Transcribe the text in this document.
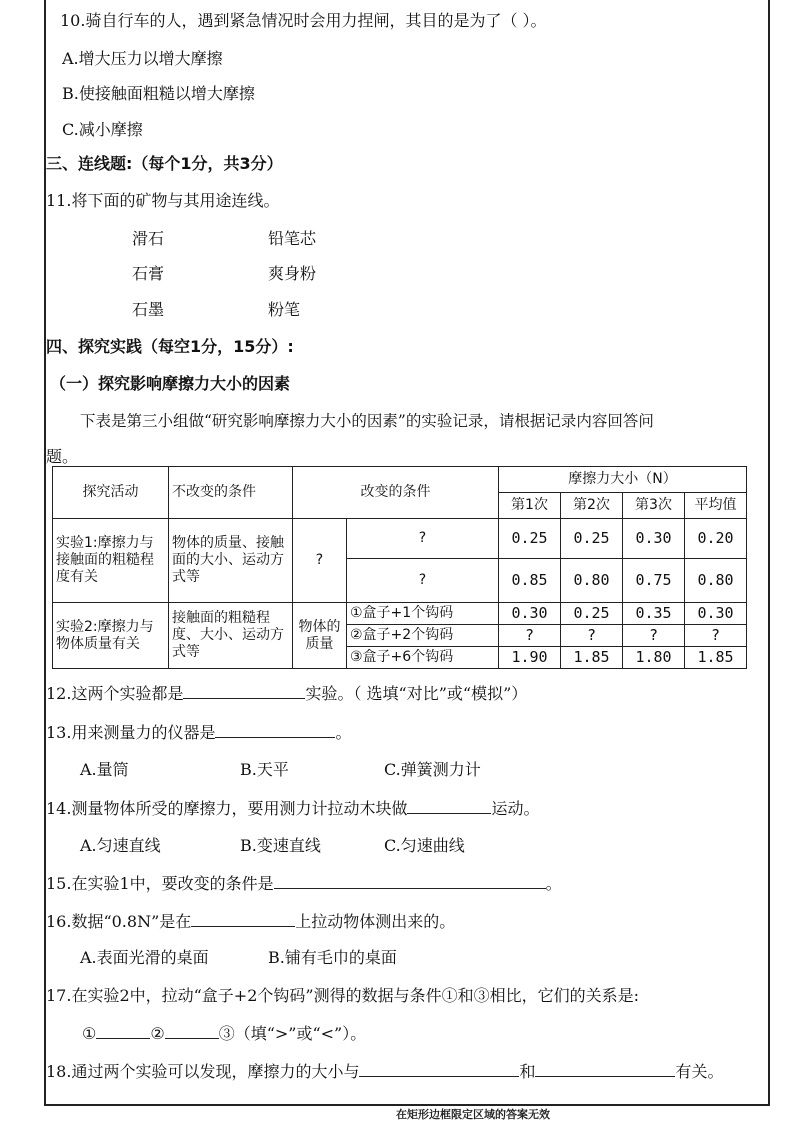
10.骑自行车的人，遇到紧急情况时会用力捏闸，其目的是为了（ ）。
A.增大压力以增大摩擦
B.使接触面粗糙以增大摩擦
C.减小摩擦
三、连线题:（每个1分，共3分）
11.将下面的矿物与其用途连线。
滑石	铅笔芯
石膏	爽身粉
石墨	粉笔
四、探究实践（每空1分，15分）:
（一）探究影响摩擦力大小的因素
下表是第三小组做“研究影响摩擦力大小的因素”的实验记录，请根据记录内容回答问
题。
探究活动	不改变的条件	改变的条件		摩擦力大小（N）			
				第1次	第2次	第3次	平均值
实验1:摩擦力与接触面的粗糙程度有关	物体的质量、接触面的大小、运动方式等	?	?	0.25	0.25	0.30	0.20
			?	0.85	0.80	0.75	0.80
实验2:摩擦力与物体质量有关	接触面的粗糙程度、大小、运动方式等	物体的质量	①盒子+1个钩码	0.30	0.25	0.35	0.30
			②盒子+2个钩码	?	?	?	?
			③盒子+6个钩码	1.90	1.85	1.80	1.85
12.这两个实验都是	实验。（ 选填“对比”或“模拟”）
13.用来测量力的仪器是	。
A.量筒	B.天平	C.弹簧测力计
14.测量物体所受的摩擦力，要用测力计拉动木块做	运动。
A.匀速直线	B.变速直线	C.匀速曲线
15.在实验1中，要改变的条件是	。
16.数据“0.8N”是在	上拉动物体测出来的。
A.表面光滑的桌面	B.铺有毛巾的桌面
17.在实验2中，拉动“盒子+2个钩码”测得的数据与条件①和③相比，它们的关系是:
①	②	③（填“>”或“<”）。
18.通过两个实验可以发现，摩擦力的大小与	和	有关。
在矩形边框限定区域的答案无效
